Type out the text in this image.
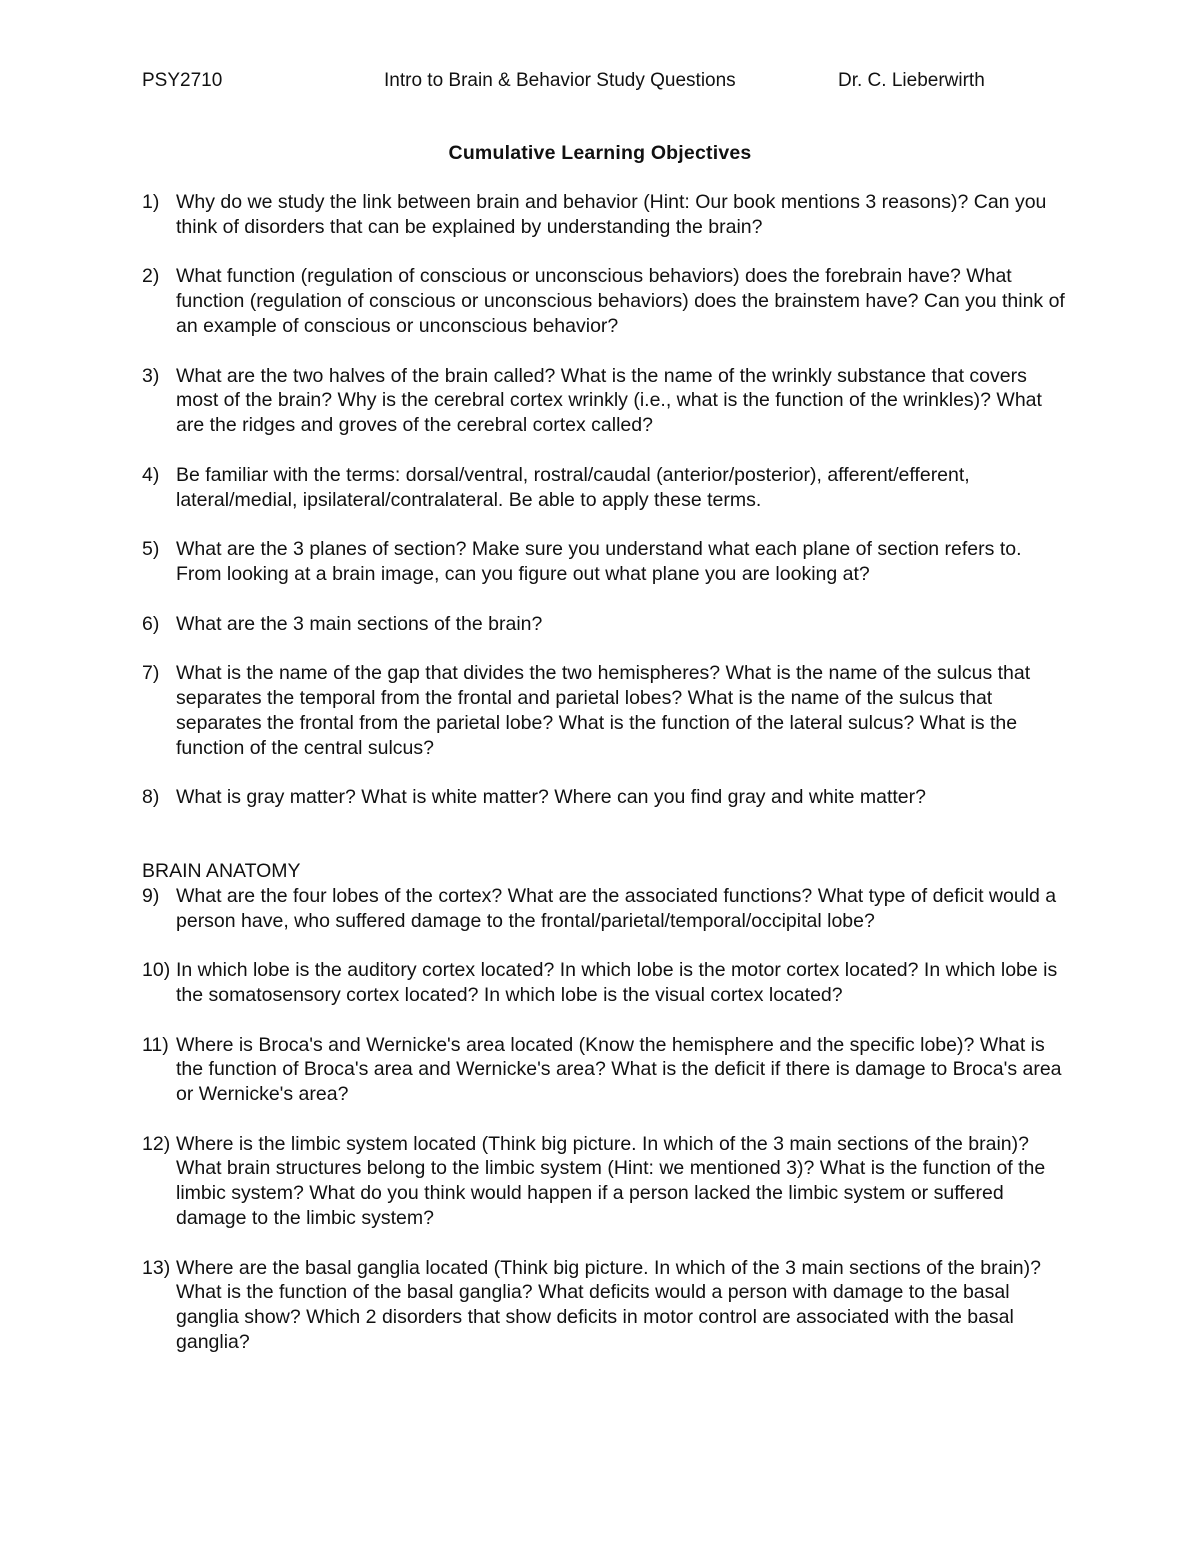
PSY2710	Intro to Brain & Behavior Study Questions	Dr. C. Lieberwirth
Cumulative Learning Objectives
1) Why do we study the link between brain and behavior (Hint: Our book mentions 3 reasons)? Can you think of disorders that can be explained by understanding the brain?
2) What function (regulation of conscious or unconscious behaviors) does the forebrain have? What function (regulation of conscious or unconscious behaviors) does the brainstem have? Can you think of an example of conscious or unconscious behavior?
3) What are the two halves of the brain called? What is the name of the wrinkly substance that covers most of the brain? Why is the cerebral cortex wrinkly (i.e., what is the function of the wrinkles)? What are the ridges and groves of the cerebral cortex called?
4) Be familiar with the terms: dorsal/ventral, rostral/caudal (anterior/posterior), afferent/efferent, lateral/medial, ipsilateral/contralateral. Be able to apply these terms.
5) What are the 3 planes of section? Make sure you understand what each plane of section refers to. From looking at a brain image, can you figure out what plane you are looking at?
6) What are the 3 main sections of the brain?
7) What is the name of the gap that divides the two hemispheres? What is the name of the sulcus that separates the temporal from the frontal and parietal lobes? What is the name of the sulcus that separates the frontal from the parietal lobe? What is the function of the lateral sulcus? What is the function of the central sulcus?
8) What is gray matter? What is white matter? Where can you find gray and white matter?
BRAIN ANATOMY
9) What are the four lobes of the cortex? What are the associated functions? What type of deficit would a person have, who suffered damage to the frontal/parietal/temporal/occipital lobe?
10) In which lobe is the auditory cortex located? In which lobe is the motor cortex located? In which lobe is the somatosensory cortex located? In which lobe is the visual cortex located?
11) Where is Broca's and Wernicke's area located (Know the hemisphere and the specific lobe)? What is the function of Broca's area and Wernicke's area? What is the deficit if there is damage to Broca's area or Wernicke's area?
12) Where is the limbic system located (Think big picture. In which of the 3 main sections of the brain)? What brain structures belong to the limbic system (Hint: we mentioned 3)? What is the function of the limbic system? What do you think would happen if a person lacked the limbic system or suffered damage to the limbic system?
13) Where are the basal ganglia located (Think big picture. In which of the 3 main sections of the brain)? What is the function of the basal ganglia? What deficits would a person with damage to the basal ganglia show? Which 2 disorders that show deficits in motor control are associated with the basal ganglia?
